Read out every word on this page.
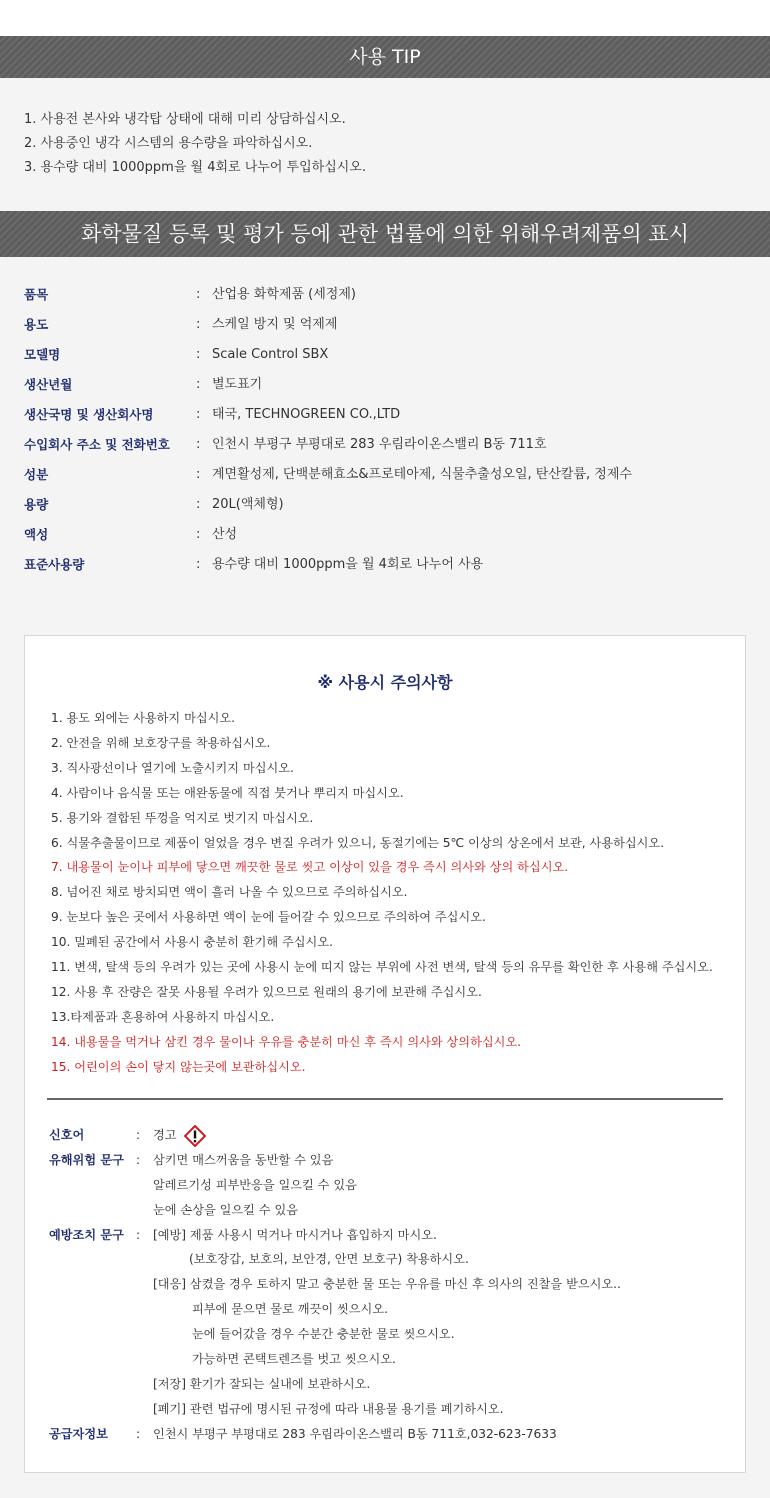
사용 TIP
1. 사용전 본사와 냉각탑 상태에 대해 미리 상담하십시오.
2. 사용중인 냉각 시스템의 용수량을 파악하십시오.
3. 용수량 대비 1000ppm을 월 4회로 나누어 투입하십시오.
화학물질 등록 및 평가 등에 관한 법률에 의한 위해우려제품의 표시
품목	: 산업용 화학제품 (세정제)
용도	: 스케일 방지 및 억제제
모델명	: Scale Control SBX
생산년월	: 별도표기
생산국명 및 생산회사명	: 태국, TECHNOGREEN CO.,LTD
수입회사 주소 및 전화번호	: 인천시 부평구 부평대로 283 우림라이온스밸리 B동 711호
성분	: 계면활성제, 단백분해효소&프로테아제, 식물추출성오일, 탄산칼륨, 정제수
용량	: 20L(액체형)
액성	: 산성
표준사용량	: 용수량 대비 1000ppm을 월 4회로 나누어 사용
※ 사용시 주의사항
1. 용도 외에는 사용하지 마십시오.
2. 안전을 위해 보호장구를 착용하십시오.
3. 직사광선이나 열기에 노출시키지 마십시오.
4. 사람이나 음식물 또는 애완동물에 직접 붓거나 뿌리지 마십시오.
5. 용기와 결합된 뚜껑을 억지로 벗기지 마십시오.
6. 식물추출물이므로 제품이 얼었을 경우 변질 우려가 있으니, 동절기에는 5℃ 이상의 상온에서 보관, 사용하십시오.
7. 내용물이 눈이나 피부에 닿으면 깨끗한 물로 씻고 이상이 있을 경우 즉시 의사와 상의 하십시오.
8. 넘어진 채로 방치되면 액이 흘러 나올 수 있으므로 주의하십시오.
9. 눈보다 높은 곳에서 사용하면 액이 눈에 들어갈 수 있으므로 주의하여 주십시오.
10. 밀폐된 공간에서 사용시 충분히 환기해 주십시오.
11. 변색, 탈색 등의 우려가 있는 곳에 사용시 눈에 띠지 않는 부위에 사전 변색, 탈색 등의 유무를 확인한 후 사용해 주십시오.
12. 사용 후 잔량은 잘못 사용될 우려가 있으므로 원래의 용기에 보관해 주십시오.
13.타제품과 혼용하여 사용하지 마십시오.
14. 내용물을 먹거나 삼킨 경우 물이나 우유를 충분히 마신 후 즉시 의사와 상의하십시오.
15. 어린이의 손이 닿지 않는곳에 보관하십시오.
신호어	: 경고
유해위험 문구 : 삼키면 매스꺼움을 동반할 수 있음
알레르기성 피부반응을 일으킬 수 있음
눈에 손상을 일으킬 수 있음
예방조치 문구 : [예방] 제품 사용시 먹거나 마시거나 흡입하지 마시오.
(보호장갑, 보호의, 보안경, 안면 보호구) 착용하시오.
[대응] 삼켰을 경우 토하지 말고 충분한 물 또는 우유를 마신 후 의사의 진찰을 받으시오..
피부에 묻으면 물로 깨끗이 씻으시오.
눈에 들어갔을 경우 수분간 충분한 물로 씻으시오.
가능하면 콘택트렌즈를 벗고 씻으시오.
[저장] 환기가 잘되는 실내에 보관하시오.
[폐기] 관련 법규에 명시된 규정에 따라 내용물 용기를 폐기하시오.
공급자정보 : 인천시 부평구 부평대로 283 우림라이온스밸리 B동 711호,032-623-7633
